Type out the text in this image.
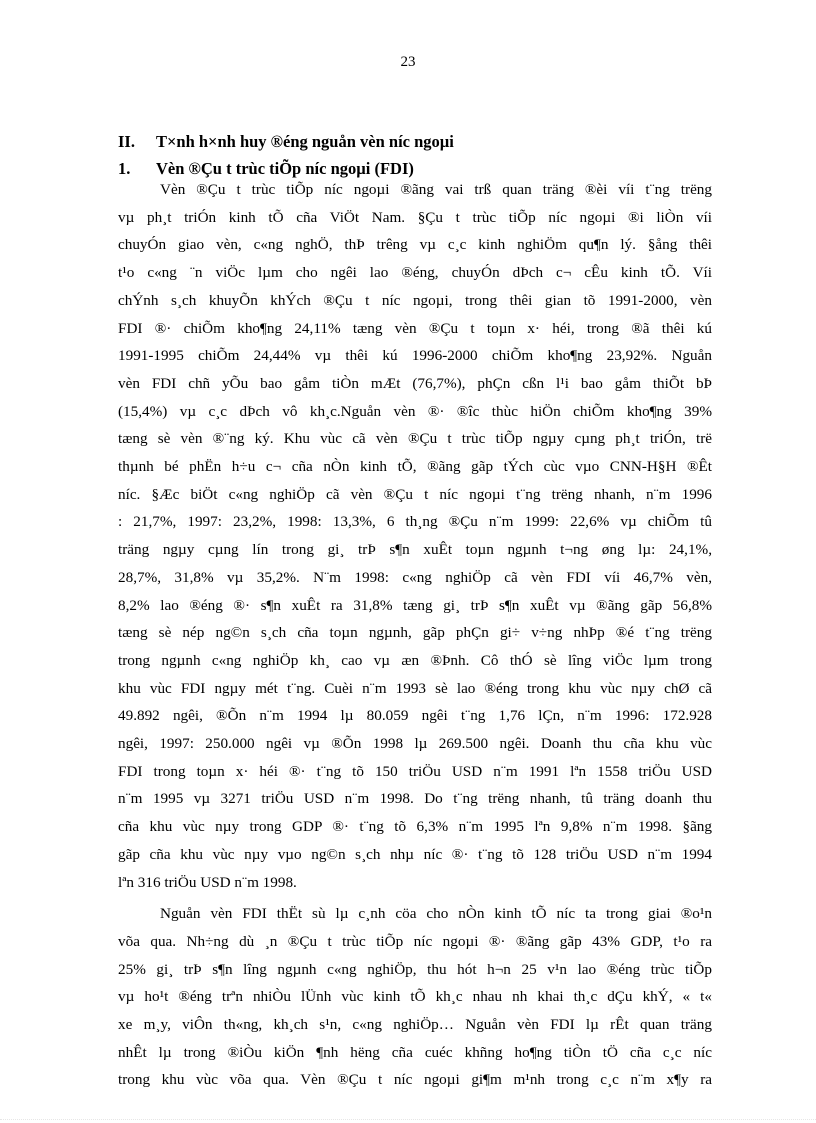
23
II. T×nh h×nh huy ®éng nguån vèn níc ngoµi
1. Vèn ®Çu t trùc tiÕp níc ngoµi (FDI)
Vèn ®Çu t trùc tiÕp níc ngoµi ®ãng vai trß quan träng ®èi víi t¨ng trëng
vµ ph¸t triÓn kinh tÕ cña ViÖt Nam. §Çu t trùc tiÕp níc ngoµi ®i liÒn víi
chuyÓn giao vèn, c«ng nghÖ, thÞ trêng vµ c¸c kinh nghiÖm qu¶n lý. §ång thêi
t¹o c«ng ¨n viÖc lµm cho ngêi lao ®éng, chuyÓn dÞch c¬ cÊu kinh tÕ. Víi
chÝnh s¸ch khuyÕn khÝch ®Çu t níc ngoµi, trong thêi gian tõ 1991-2000, vèn
FDI ®· chiÕm kho¶ng 24,11% tæng vèn ®Çu t toµn x· héi, trong ®ã thêi kú
1991-1995 chiÕm 24,44% vµ thêi kú 1996-2000 chiÕm kho¶ng 23,92%. Nguån
vèn FDI chñ yÕu bao gåm tiÒn mÆt (76,7%), phÇn cßn l¹i bao gåm thiÕt bÞ
(15,4%) vµ c¸c dÞch vô kh¸c.Nguån vèn ®· ®îc thùc hiÖn chiÕm kho¶ng 39%
tæng sè vèn ®¨ng ký. Khu vùc cã vèn ®Çu t trùc tiÕp ngµy cµng ph¸t triÓn, trë
thµnh bé phËn h÷u c¬ cña nÒn kinh tÕ, ®ãng gãp tÝch cùc vµo CNN-H§H ®Êt
níc. §Æc biÖt c«ng nghiÖp cã vèn ®Çu t níc ngoµi t¨ng trëng nhanh, n¨m 1996
: 21,7%, 1997: 23,2%, 1998: 13,3%, 6 th¸ng ®Çu n¨m 1999: 22,6% vµ chiÕm tû
träng ngµy cµng lín trong gi¸ trÞ s¶n xuÊt toµn ngµnh t¬ng øng lµ: 24,1%,
28,7%, 31,8% vµ 35,2%. N¨m 1998: c«ng nghiÖp cã vèn FDI víi 46,7% vèn,
8,2% lao ®éng ®· s¶n xuÊt ra 31,8% tæng gi¸ trÞ s¶n xuÊt vµ ®ãng gãp 56,8%
tæng sè nép ng©n s¸ch cña toµn ngµnh, gãp phÇn gi÷ v÷ng nhÞp ®é t¨ng trëng
trong ngµnh c«ng nghiÖp kh¸ cao vµ æn ®Þnh. Cô thÓ sè lîng viÖc lµm trong
khu vùc FDI ngµy mét t¨ng. Cuèi n¨m 1993 sè lao ®éng trong khu vùc nµy chØ cã
49.892 ngêi, ®Õn n¨m 1994 lµ 80.059 ngêi t¨ng 1,76 lÇn, n¨m 1996: 172.928
ngêi, 1997: 250.000 ngêi vµ ®Õn 1998 lµ 269.500 ngêi. Doanh thu cña khu vùc
FDI trong toµn x· héi ®· t¨ng tõ 150 triÖu USD n¨m 1991 lªn 1558 triÖu USD
n¨m 1995 vµ 3271 triÖu USD n¨m 1998. Do t¨ng trëng nhanh, tû träng doanh thu
cña khu vùc nµy trong GDP ®· t¨ng tõ 6,3% n¨m 1995 lªn 9,8% n¨m 1998. §ãng
gãp cña khu vùc nµy vµo ng©n s¸ch nhµ níc ®· t¨ng tõ 128 triÖu USD n¨m 1994
lªn 316 triÖu USD n¨m 1998.
Nguån vèn FDI thËt sù lµ c¸nh cöa cho nÒn kinh tÕ níc ta trong giai ®o¹n
võa qua. Nh÷ng dù ¸n ®Çu t trùc tiÕp níc ngoµi ®· ®ãng gãp 43% GDP, t¹o ra
25% gi¸ trÞ s¶n lîng ngµnh c«ng nghiÖp, thu hót h¬n 25 v¹n lao ®éng trùc tiÕp
vµ ho¹t ®éng trªn nhiÒu lÜnh vùc kinh tÕ kh¸c nhau nh khai th¸c dÇu khÝ, « t«
xe m¸y, viÔn th«ng, kh¸ch s¹n, c«ng nghiÖp… Nguån vèn FDI lµ rÊt quan träng
nhÊt lµ trong ®iÒu kiÖn ¶nh hëng cña cuéc khñng ho¶ng tiÒn tÖ cña c¸c níc
trong khu vùc võa qua. Vèn ®Çu t níc ngoµi gi¶m m¹nh trong c¸c n¨m x¶y ra
